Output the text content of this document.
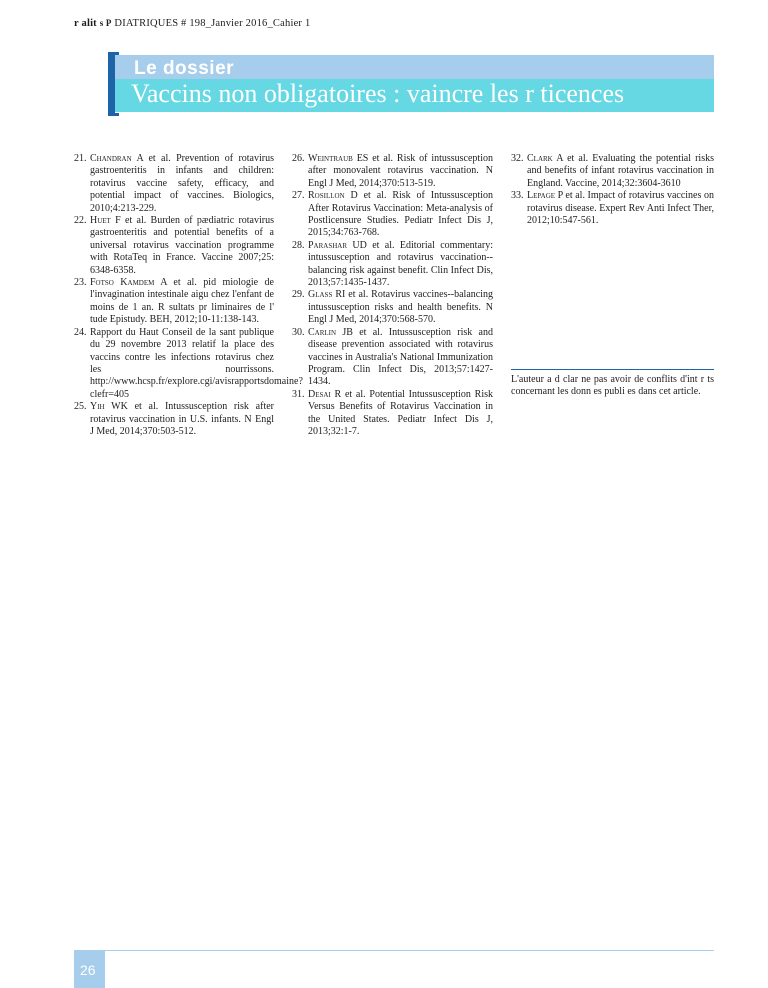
r alit s P DIATRIQUES # 198_Janvier 2016_Cahier 1
Le dossier
Vaccins non obligatoires : vaincre les r ticences
21. Chandran A et al. Prevention of rotavirus gastroenteritis in infants and children: rotavirus vaccine safety, efficacy, and potential impact of vaccines. Biologics, 2010;4:213-229.
22. Huet F et al. Burden of pædiatric rotavirus gastroenteritis and potential benefits of a universal rotavirus vaccination programme with RotaTeq in France. Vaccine 2007;25: 6348-6358.
23. Fotso Kamdem A et al. pid miologie de l'invagination intestinale aigu chez l'enfant de moins de 1 an. R sultats pr liminaires de l' tude Epistudy. BEH, 2012;10-11:138-143.
24. Rapport du Haut Conseil de la sant publique du 29 novembre 2013 relatif la place des vaccins contre les infections rotavirus chez les nourrissons. http://www.hcsp.fr/explore.cgi/avisrapportsdomaine?clefr=405
25. Yih WK et al. Intussusception risk after rotavirus vaccination in U.S. infants. N Engl J Med, 2014;370:503-512.
26. Weintraub ES et al. Risk of intussusception after monovalent rotavirus vaccination. N Engl J Med, 2014;370:513-519.
27. Rosillon D et al. Risk of Intussusception After Rotavirus Vaccination: Meta-analysis of Postlicensure Studies. Pediatr Infect Dis J, 2015;34:763-768.
28. Parashar UD et al. Editorial commentary: intussusception and rotavirus vaccination--balancing risk against benefit. Clin Infect Dis, 2013;57:1435-1437.
29. Glass RI et al. Rotavirus vaccines--balancing intussusception risks and health benefits. N Engl J Med, 2014;370:568-570.
30. Carlin JB et al. Intussusception risk and disease prevention associated with rotavirus vaccines in Australia's National Immunization Program. Clin Infect Dis, 2013;57:1427-1434.
31. Desai R et al. Potential Intussusception Risk Versus Benefits of Rotavirus Vaccination in the United States. Pediatr Infect Dis J, 2013;32:1-7.
32. Clark A et al. Evaluating the potential risks and benefits of infant rotavirus vaccination in England. Vaccine, 2014;32:3604-3610
33. Lepage P et al. Impact of rotavirus vaccines on rotavirus disease. Expert Rev Anti Infect Ther, 2012;10:547-561.
L'auteur a d clar ne pas avoir de conflits d'int r ts concernant les donn es publi es dans cet article.
26
